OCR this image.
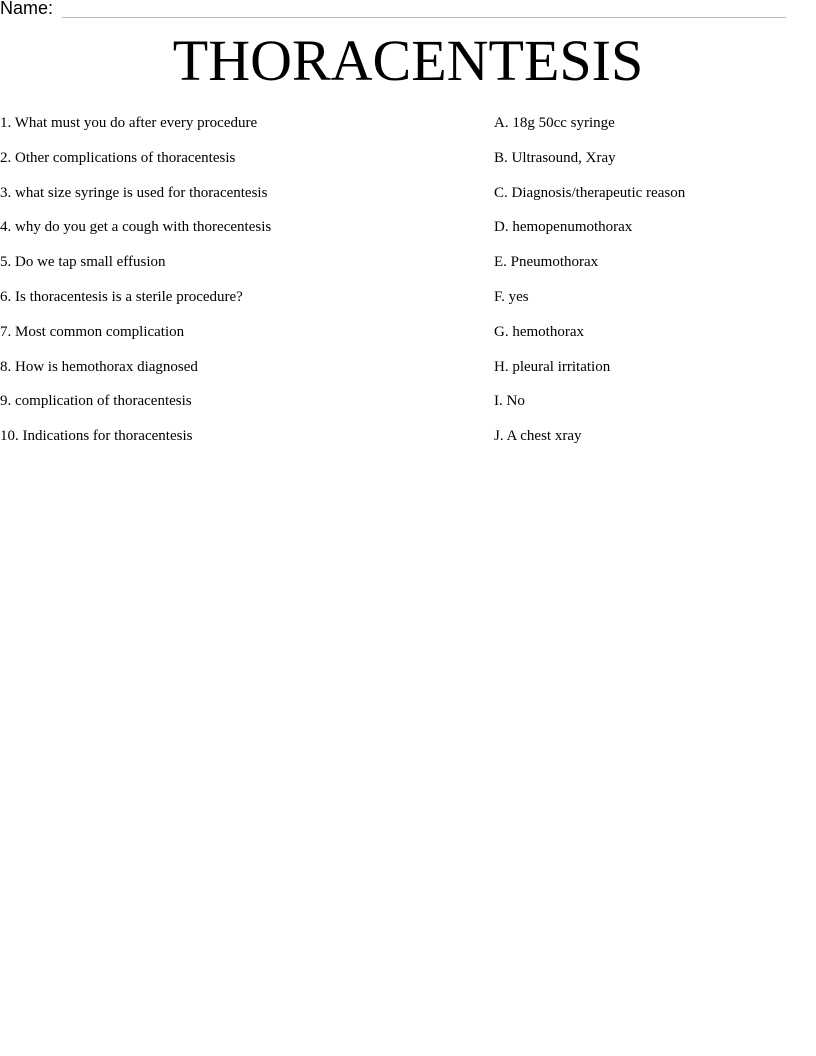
Name:
THORACENTESIS
1. What must you do after every procedure
2. Other complications of thoracentesis
3. what size syringe is used for thoracentesis
4. why do you get a cough with thorecentesis
5. Do we tap small effusion
6. Is thoracentesis is a sterile procedure?
7. Most common complication
8. How is hemothorax diagnosed
9. complication of thoracentesis
10. Indications for thoracentesis
A. 18g 50cc syringe
B. Ultrasound, Xray
C. Diagnosis/therapeutic reason
D. hemopenumothorax
E. Pneumothorax
F. yes
G. hemothorax
H. pleural irritation
I. No
J. A chest xray
